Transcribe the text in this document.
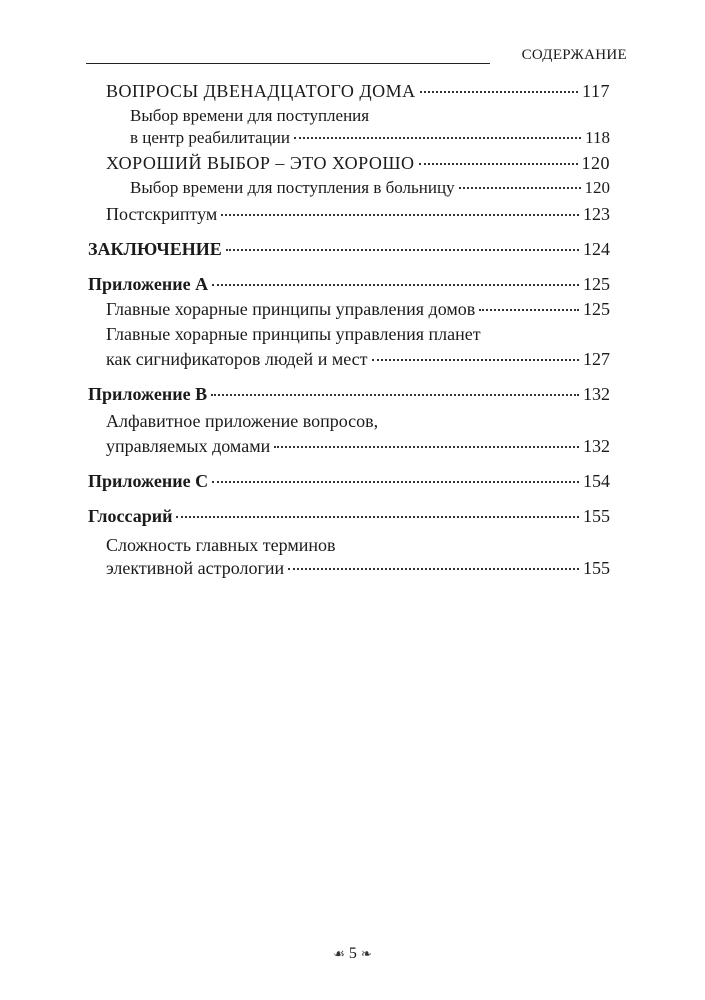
СОДЕРЖАНИЕ
ВОПРОСЫ ДВЕНАДЦАТОГО ДОМА	117
Выбор времени для поступления
в центр реабилитации	118
ХОРОШИЙ ВЫБОР – ЭТО ХОРОШО	120
Выбор времени для поступления в больницу	120
Постскриптум	123
ЗАКЛЮЧЕНИЕ	124
Приложение A	125
Главные хорарные принципы управления домов	125
Главные хорарные принципы управления планет
как сигнификаторов людей и мест	127
Приложение B	132
Алфавитное приложение вопросов,
управляемых домами	132
Приложение C	154
Глоссарий	155
Сложность главных терминов
элективной астрологии	155
☙ 5 ❧
